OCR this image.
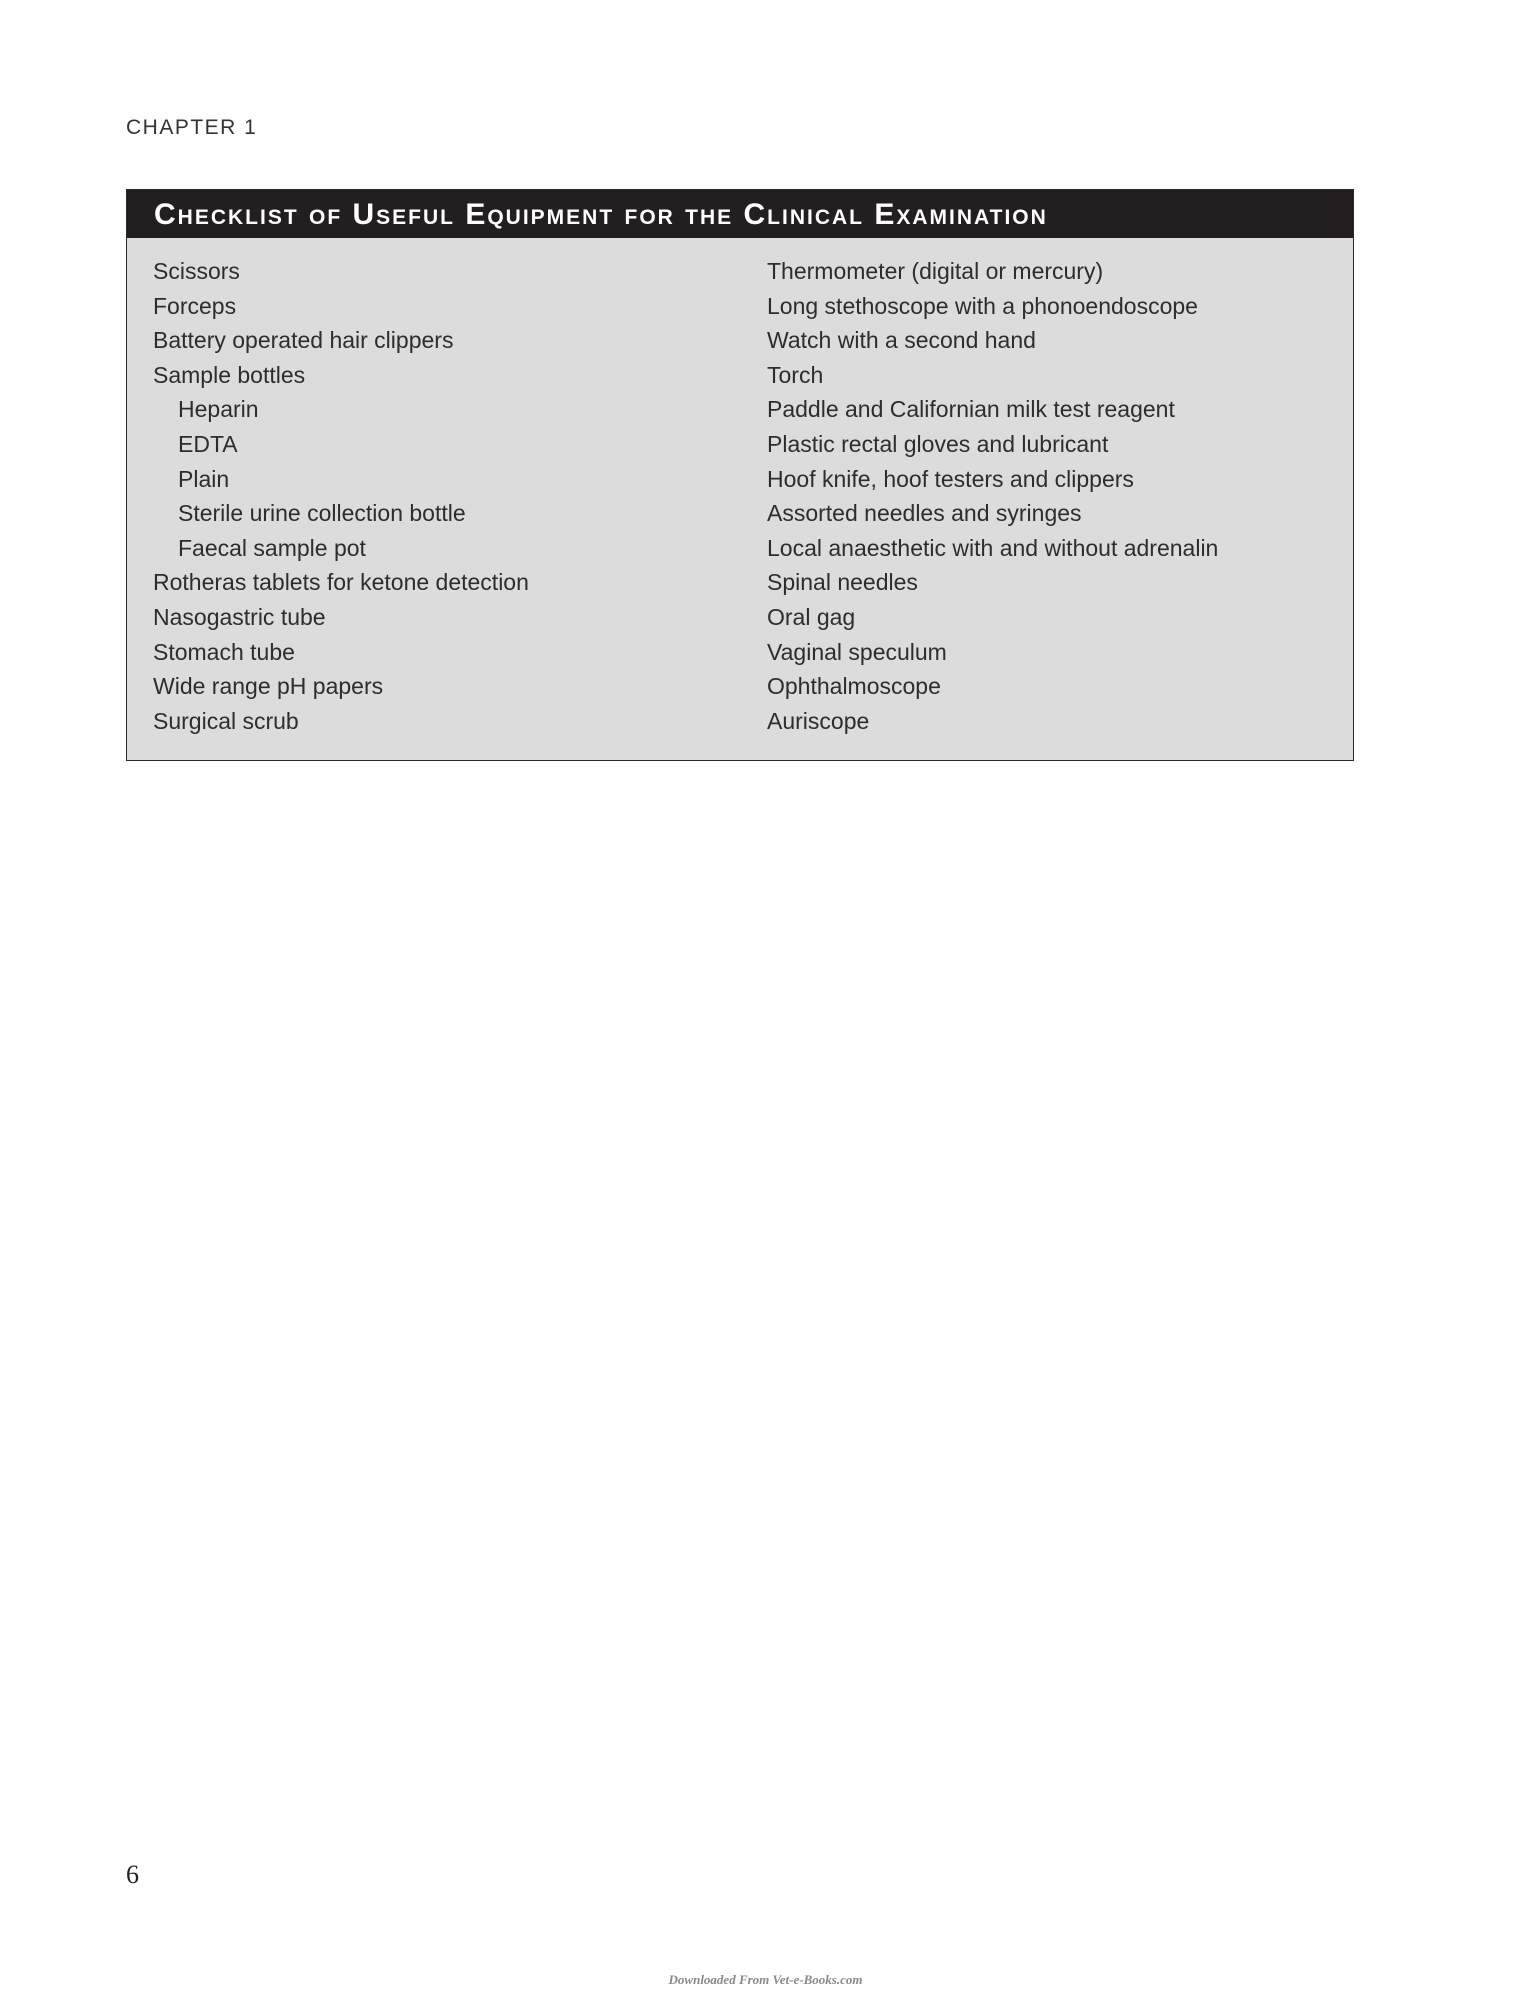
CHAPTER 1
Checklist of Useful Equipment for the Clinical Examination
Scissors
Forceps
Battery operated hair clippers
Sample bottles
Heparin
EDTA
Plain
Sterile urine collection bottle
Faecal sample pot
Rotheras tablets for ketone detection
Nasogastric tube
Stomach tube
Wide range pH papers
Surgical scrub
Thermometer (digital or mercury)
Long stethoscope with a phonoendoscope
Watch with a second hand
Torch
Paddle and Californian milk test reagent
Plastic rectal gloves and lubricant
Hoof knife, hoof testers and clippers
Assorted needles and syringes
Local anaesthetic with and without adrenalin
Spinal needles
Oral gag
Vaginal speculum
Ophthalmoscope
Auriscope
6
Downloaded From Vet-e-Books.com
